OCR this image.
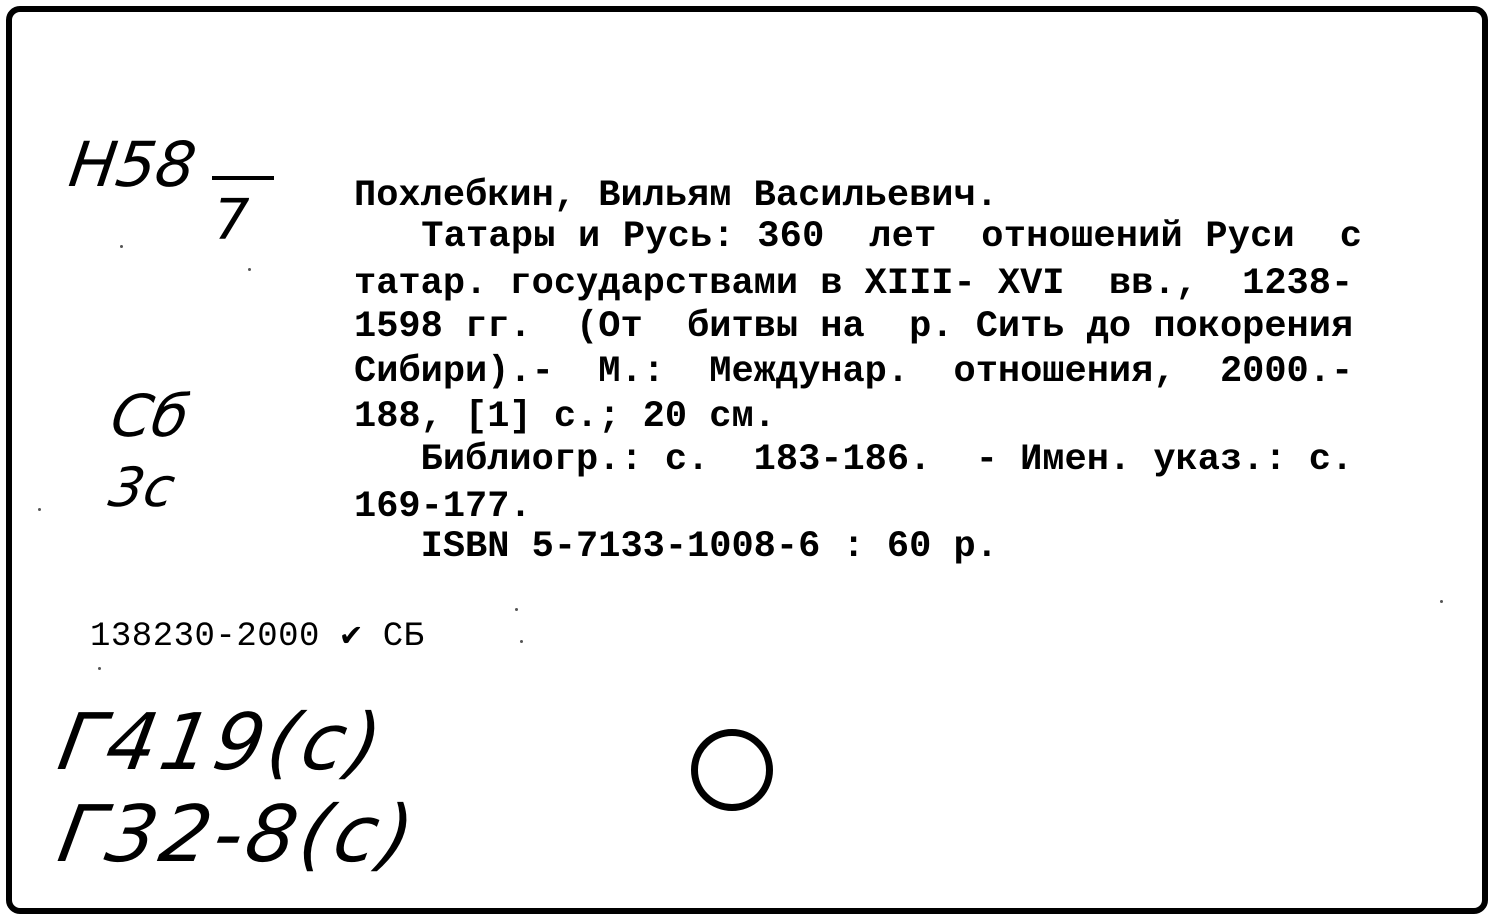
Н58
7	Похлебкин, Вильям Васильевич.
Татары и Русь: 360  лет  отношений Руси  с
татар. государствами в XIII- XVI  вв.,  1238-
1598 гг.  (От  битвы на  р. Сить до покорения
Сибири).-  М.:  Междунар.  отношения,  2000.-
188, [1] с.; 20 см.
Библиогр.: с.  183-186.  - Имен. указ.: с.
169-177.
ISBN 5-7133-1008-6 : 60 р.
Сб
3с
138230-2000 ✔ СБ
Г419(с)
Г32-8(с)
